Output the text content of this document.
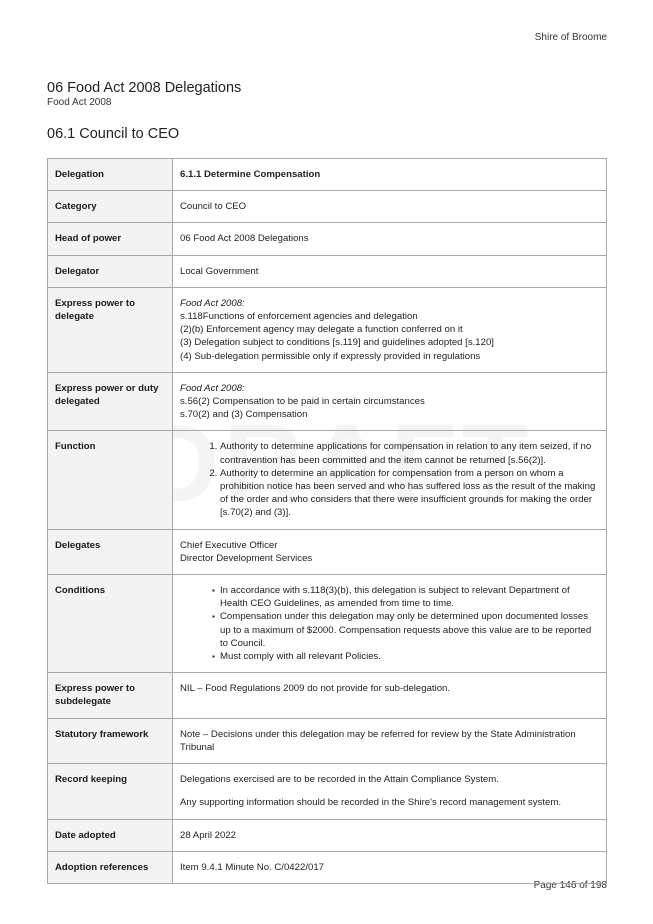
Shire of Broome
06 Food Act 2008 Delegations
Food Act 2008
06.1 Council to CEO
Delegation	6.1.1 Determine Compensation
Category	Council to CEO
Head of power	06 Food Act 2008 Delegations
Delegator	Local Government
Express power to delegate	Food Act 2008:
s.118Functions of enforcement agencies and delegation
(2)(b) Enforcement agency may delegate a function conferred on it
(3) Delegation subject to conditions [s.119] and guidelines adopted [s.120]
(4) Sub-delegation permissible only if expressly provided in regulations

Express power or duty delegated	Food Act 2008:
s.56(2) Compensation to be paid in certain circumstances
s.70(2) and (3) Compensation

Function	
1.Authority to determine applications for compensation in relation to any item seized, if no contravention has been committed and the item cannot be returned [s.56(2)].
2. Authority to determine an application for compensation from a person on whom a prohibition notice has been served and who has suffered loss as the result of the making of the order and who considers that there were insufficient grounds for making the order [s.70(2) and (3)].

Delegates	Chief Executive Officer
Director Development Services

Conditions	
▪In accordance with s.118(3)(b), this delegation is subject to relevant Department of Health CEO Guidelines, as amended from time to time.
▪ Compensation under this delegation may only be determined upon documented losses up to a maximum of $2000. Compensation requests above this value are to be reported to Council.
▪ Must comply with all relevant Policies.

Express power to subdelegate	NIL – Food Regulations 2009 do not provide for sub-delegation.
Statutory framework	Note – Decisions under this delegation may be referred for review by the State Administration Tribunal
Record keeping	Delegations exercised are to be recorded in the Attain Compliance System.
Any supporting information should be recorded in the Shire's record management system.

Date adopted	28 April 2022
Adoption references	Item 9.4.1 Minute No. C/0422/017
Page 146 of 198
